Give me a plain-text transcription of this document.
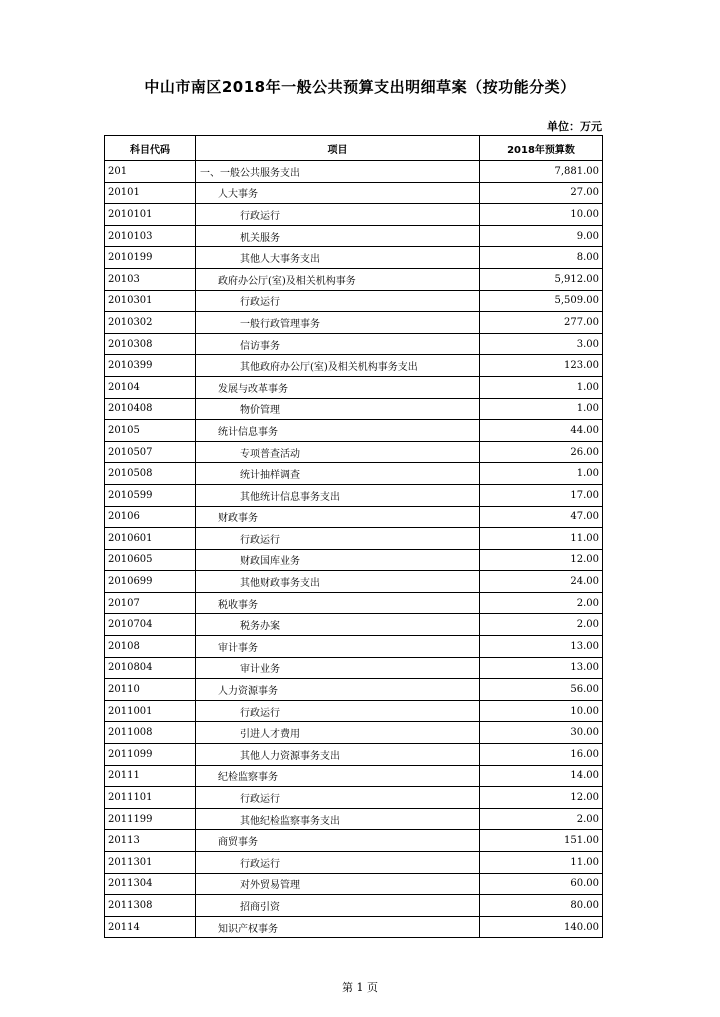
中山市南区2018年一般公共预算支出明细草案（按功能分类）
单位：万元
科目代码	项目	2018年预算数
201	一、一般公共服务支出	7,881.00
20101	人大事务	27.00
2010101	行政运行	10.00
2010103	机关服务	9.00
2010199	其他人大事务支出	8.00
20103	政府办公厅(室)及相关机构事务	5,912.00
2010301	行政运行	5,509.00
2010302	一般行政管理事务	277.00
2010308	信访事务	3.00
2010399	其他政府办公厅(室)及相关机构事务支出	123.00
20104	发展与改革事务	1.00
2010408	物价管理	1.00
20105	统计信息事务	44.00
2010507	专项普查活动	26.00
2010508	统计抽样调查	1.00
2010599	其他统计信息事务支出	17.00
20106	财政事务	47.00
2010601	行政运行	11.00
2010605	财政国库业务	12.00
2010699	其他财政事务支出	24.00
20107	税收事务	2.00
2010704	税务办案	2.00
20108	审计事务	13.00
2010804	审计业务	13.00
20110	人力资源事务	56.00
2011001	行政运行	10.00
2011008	引进人才费用	30.00
2011099	其他人力资源事务支出	16.00
20111	纪检监察事务	14.00
2011101	行政运行	12.00
2011199	其他纪检监察事务支出	2.00
20113	商贸事务	151.00
2011301	行政运行	11.00
2011304	对外贸易管理	60.00
2011308	招商引资	80.00
20114	知识产权事务	140.00
第 1 页
